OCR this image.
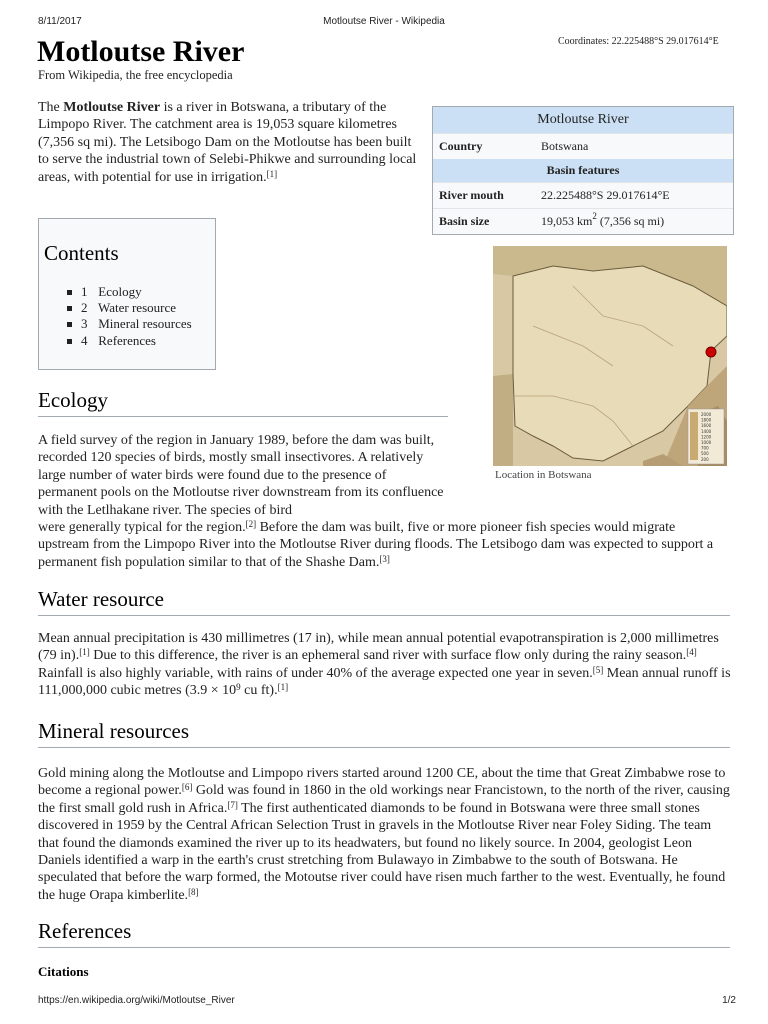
8/11/2017	Motloutse River - Wikipedia
Motloutse River
From Wikipedia, the free encyclopedia
Coordinates: 22.225488°S 29.017614°E

The Motloutse River is a river in Botswana, a tributary of the Limpopo River. The catchment area is 19,053 square kilometres (7,356 sq mi). The Letsibogo Dam on the Motloutse has been built to serve the industrial town of Selebi-Phikwe and surrounding local areas, with potential for use in irrigation.[1]

Motloutse River	
Country	Botswana
Basin features	
River mouth	22.225488°S 29.017614°E
Basin size	19,053 $km^2$ (7,356 sq mi)
2000
1800
1600
1400
1200
1000
700
500
200
Location in Botswana
Contents
1 Ecology
2 Water resource
3 Mineral resources
4 References
Ecology

A field survey of the region in January 1989, before the dam was built, recorded 120 species of birds, mostly small insectivores. A relatively large number of water birds were found due to the presence of permanent pools on the Motloutse river downstream from its confluence with the Letlhakane river. The species of bird

were generally typical for the region.[2] Before the dam was built, five or more pioneer fish species would migrate upstream from the Limpopo River into the Motloutse River during floods. The Letsibogo dam was expected to support a permanent fish population similar to that of the Shashe Dam.[3]

Water resource

Mean annual precipitation is 430 millimetres (17 in), while mean annual potential evapotranspiration is 2,000 millimetres (79 in).[1] Due to this difference, the river is an ephemeral sand river with surface flow only during the rainy season.[4] Rainfall is also highly variable, with rains of under 40% of the average expected one year in seven.[5] Mean annual runoff is 111,000,000 cubic metres ($3.9 \times 10^9$ cu ft).[1]

Mineral resources

Gold mining along the Motloutse and Limpopo rivers started around 1200 CE, about the time that Great Zimbabwe rose to become a regional power.[6] Gold was found in 1860 in the old workings near Francistown, to the north of the river, causing the first small gold rush in Africa.[7] The first authenticated diamonds to be found in Botswana were three small stones discovered in 1959 by the Central African Selection Trust in gravels in the Motloutse River near Foley Siding. The team that found the diamonds examined the river up to its headwaters, but found no likely source. In 2004, geologist Leon Daniels identified a warp in the earth's crust stretching from Bulawayo in Zimbabwe to the south of Botswana. He speculated that before the warp formed, the Motoutse river could have risen much farther to the west. Eventually, he found the huge Orapa kimberlite.[8]

References
Citations
https://en.wikipedia.org/wiki/Motloutse_River	1/2
